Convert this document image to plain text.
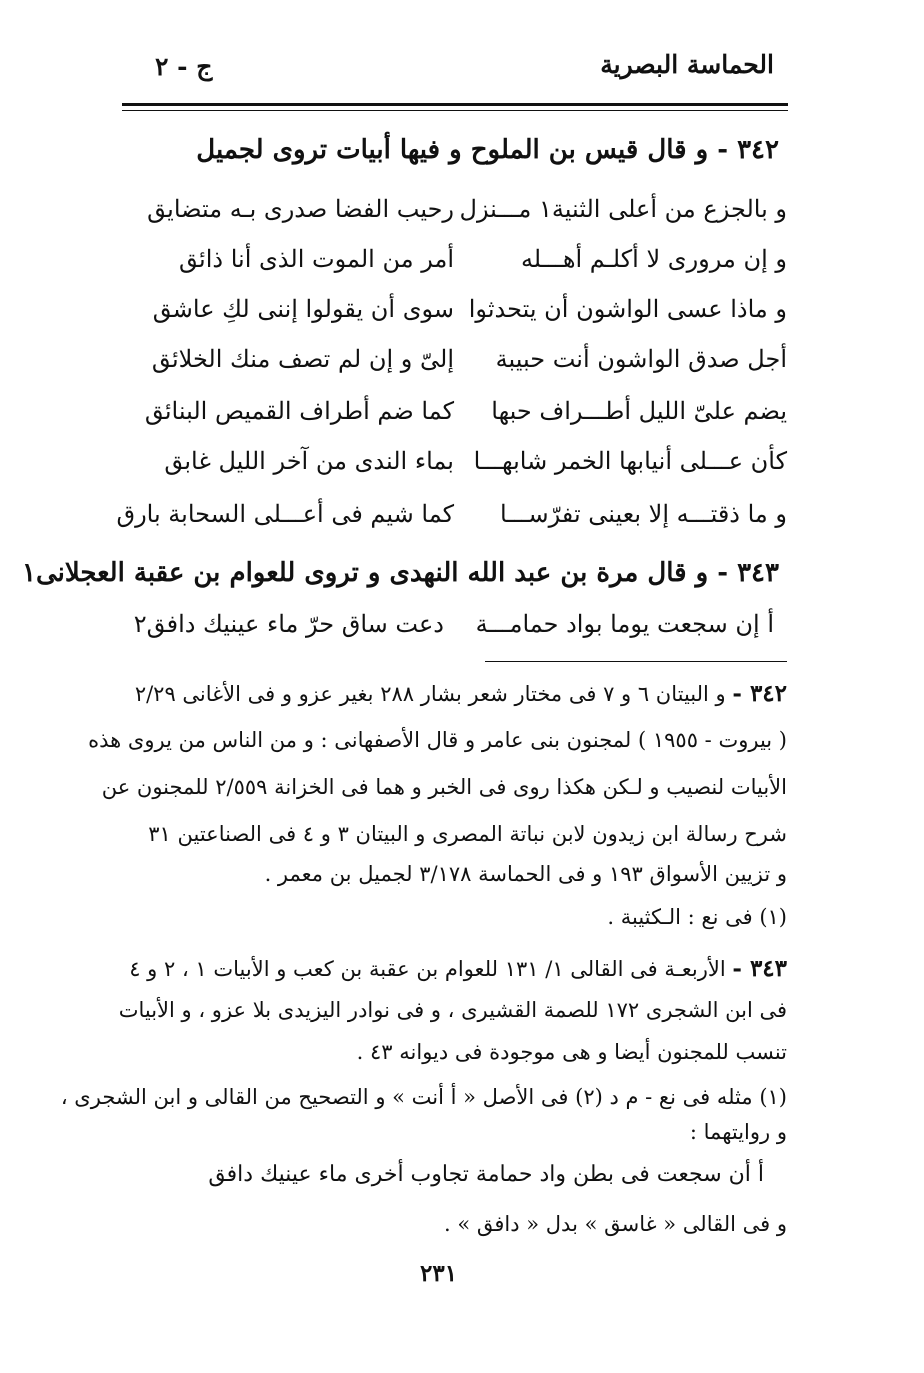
الحماسة البصرية
ج - ٢
٣٤٢ - و قال قيس بن الملوح و فيها أبيات تروى لجميل
و بالجزع من أعلى الثنية١ مـــنزل
رحيب الفضا صدرى بـه متضايق
و إن مرورى لا أكلـم أهـــله
أمر من الموت الذى أنا ذائق
و ماذا عسى الواشون أن يتحدثوا
سوى أن يقولوا إننى لكِ عاشق
أجل صدق الواشون أنت حبيبة
إلىّ و إن لم تصف منك الخلائق
يضم علىّ الليل أطـــراف حبها
كما ضم أطراف القميص البنائق
كأن عـــلى أنيابها الخمر شابهـــا
بماء الندى من آخر الليل غابق
و ما ذقتـــه إلا بعينى تفرّســـا
كما شيم فى أعـــلى السحابة بارق
٣٤٣ - و قال مرة بن عبد الله النهدى و تروى للعوام بن عقبة العجلانى١
أ إن سجعت يوما بواد حمامـــة
دعت ساق حرّ ماء عينيك دافق٢
٣٤٢ - و البيتان ٦ و ٧ فى مختار شعر بشار ٢٨٨ بغير عزو و فى الأغانى ٢/٢٩
( بيروت - ١٩٥٥ ) لمجنون بنى عامر و قال الأصفهانى : و من الناس من يروى هذه
الأبيات لنصيب و لـكن هكذا روى فى الخبر و هما فى الخزانة ٢/٥٥٩ للمجنون عن
شرح رسالة ابن زيدون لابن نباتة المصرى و البيتان ٣ و ٤ فى الصناعتين ٣١
و تزيين الأسواق ١٩٣ و فى الحماسة ٣/١٧٨ لجميل بن معمر .
(١) فى نع : الـكثيبة .
٣٤٣ - الأربعـة فى القالى ١/ ١٣١ للعوام بن عقبة بن كعب و الأبيات ١ ، ٢ و ٤
فى ابن الشجرى ١٧٢ للصمة القشيرى ، و فى نوادر اليزيدى بلا عزو ، و الأبيات
تنسب للمجنون أيضا و هى موجودة فى ديوانه ٤٣ .
(١) مثله فى نع - م د (٢) فى الأصل « أ أنت » و التصحيح من القالى و ابن الشجرى ،
و روايتهما :
أ أن سجعت فى بطن واد حمامة تجاوب أخرى ماء عينيك دافق
و فى القالى « غاسق » بدل « دافق » .
٢٣١
